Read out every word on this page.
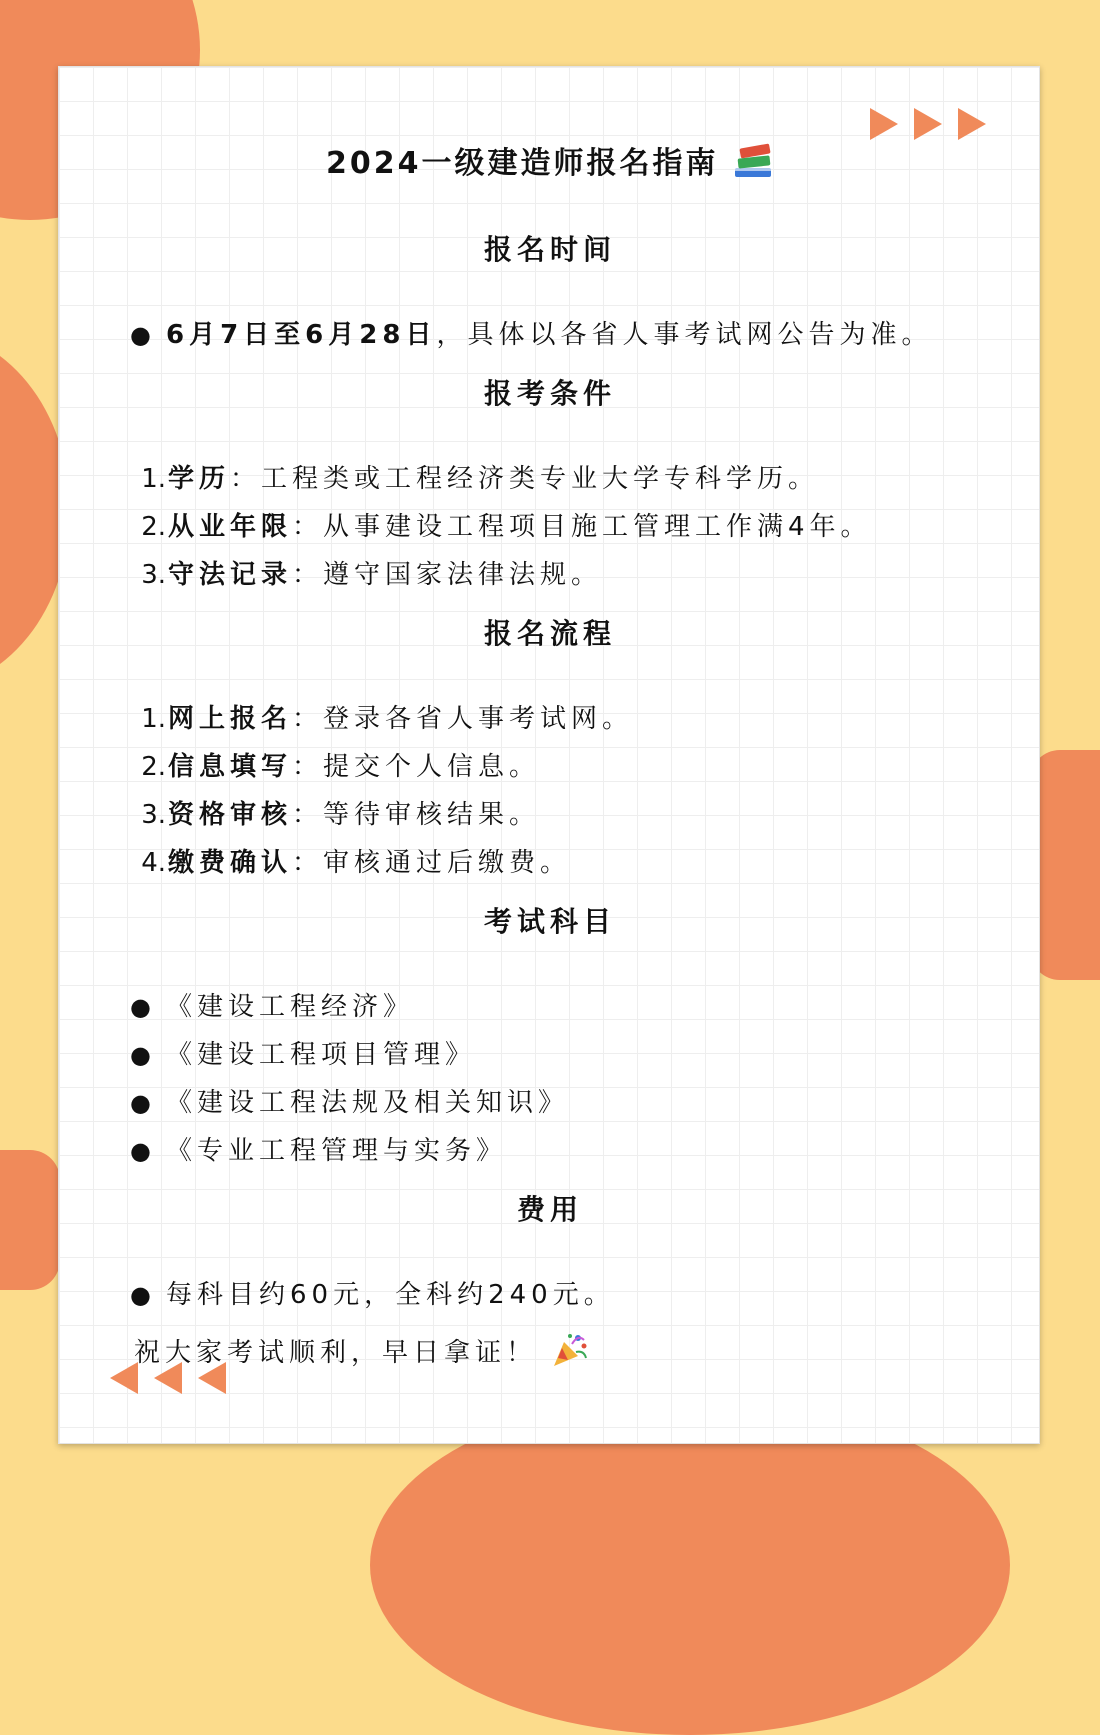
2024一级建造师报名指南
报名时间
● 6月7日至6月28日，具体以各省人事考试网公告为准。
报考条件
1.学历：工程类或工程经济类专业大学专科学历。
2.从业年限：从事建设工程项目施工管理工作满4年。
3.守法记录：遵守国家法律法规。
报名流程
1.网上报名：登录各省人事考试网。
2.信息填写：提交个人信息。
3.资格审核：等待审核结果。
4.缴费确认：审核通过后缴费。
考试科目
● 《建设工程经济》
● 《建设工程项目管理》
● 《建设工程法规及相关知识》
● 《专业工程管理与实务》
费用
● 每科目约60元，全科约240元。
祝大家考试顺利，早日拿证！
